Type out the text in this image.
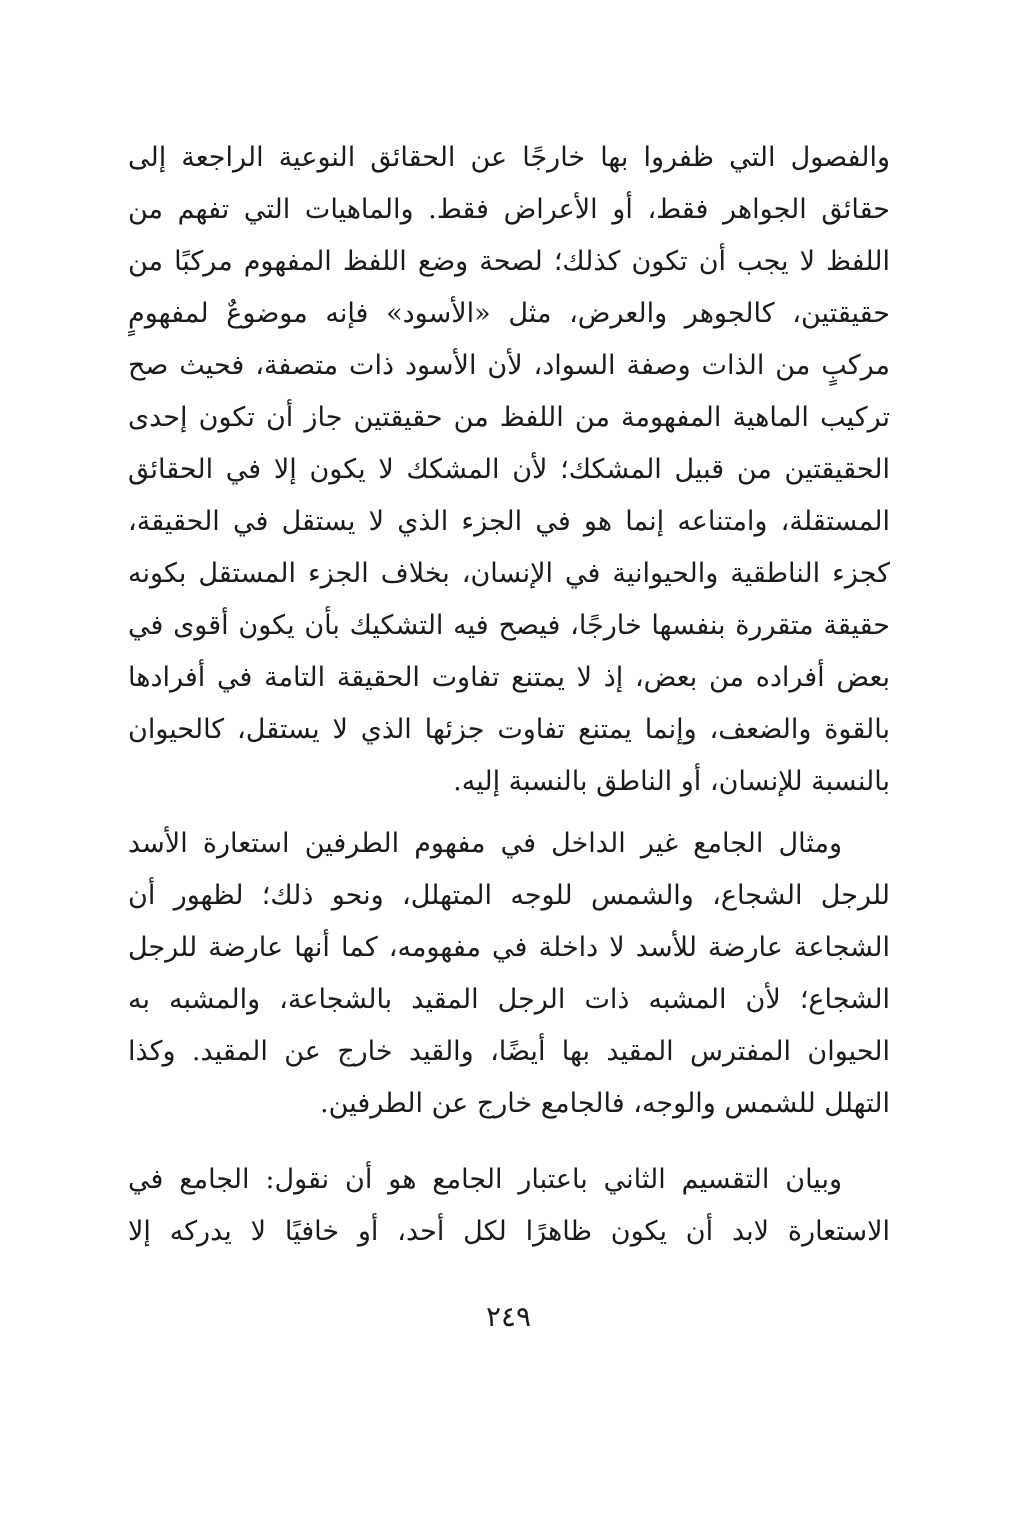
والفصول التي ظفروا بها خارجًا عن الحقائق النوعية الراجعة إلى
حقائق الجواهر فقط، أو الأعراض فقط. والماهيات التي تفهم من
اللفظ لا يجب أن تكون كذلك؛ لصحة وضع اللفظ المفهوم مركبًا من
حقيقتين، كالجوهر والعرض، مثل «الأسود» فإنه موضوعٌ لمفهومٍ
مركبٍ من الذات وصفة السواد، لأن الأسود ذات متصفة، فحيث صح
تركيب الماهية المفهومة من اللفظ من حقيقتين جاز أن تكون إحدى
الحقيقتين من قبيل المشكك؛ لأن المشكك لا يكون إلا في الحقائق
المستقلة، وامتناعه إنما هو في الجزء الذي لا يستقل في الحقيقة،
كجزء الناطقية والحيوانية في الإنسان، بخلاف الجزء المستقل بكونه
حقيقة متقررة بنفسها خارجًا، فيصح فيه التشكيك بأن يكون أقوى في
بعض أفراده من بعض، إذ لا يمتنع تفاوت الحقيقة التامة في أفرادها
بالقوة والضعف، وإنما يمتنع تفاوت جزئها الذي لا يستقل، كالحيوان
بالنسبة للإنسان، أو الناطق بالنسبة إليه.
ومثال الجامع غير الداخل في مفهوم الطرفين استعارة الأسد
للرجل الشجاع، والشمس للوجه المتهلل، ونحو ذلك؛ لظهور أن
الشجاعة عارضة للأسد لا داخلة في مفهومه، كما أنها عارضة للرجل
الشجاع؛ لأن المشبه ذات الرجل المقيد بالشجاعة، والمشبه به
الحيوان المفترس المقيد بها أيضًا، والقيد خارج عن المقيد. وكذا
التهلل للشمس والوجه، فالجامع خارج عن الطرفين.
وبيان التقسيم الثاني باعتبار الجامع هو أن نقول: الجامع في
الاستعارة لابد أن يكون ظاهرًا لكل أحد، أو خافيًا لا يدركه إلا
٢٤٩
